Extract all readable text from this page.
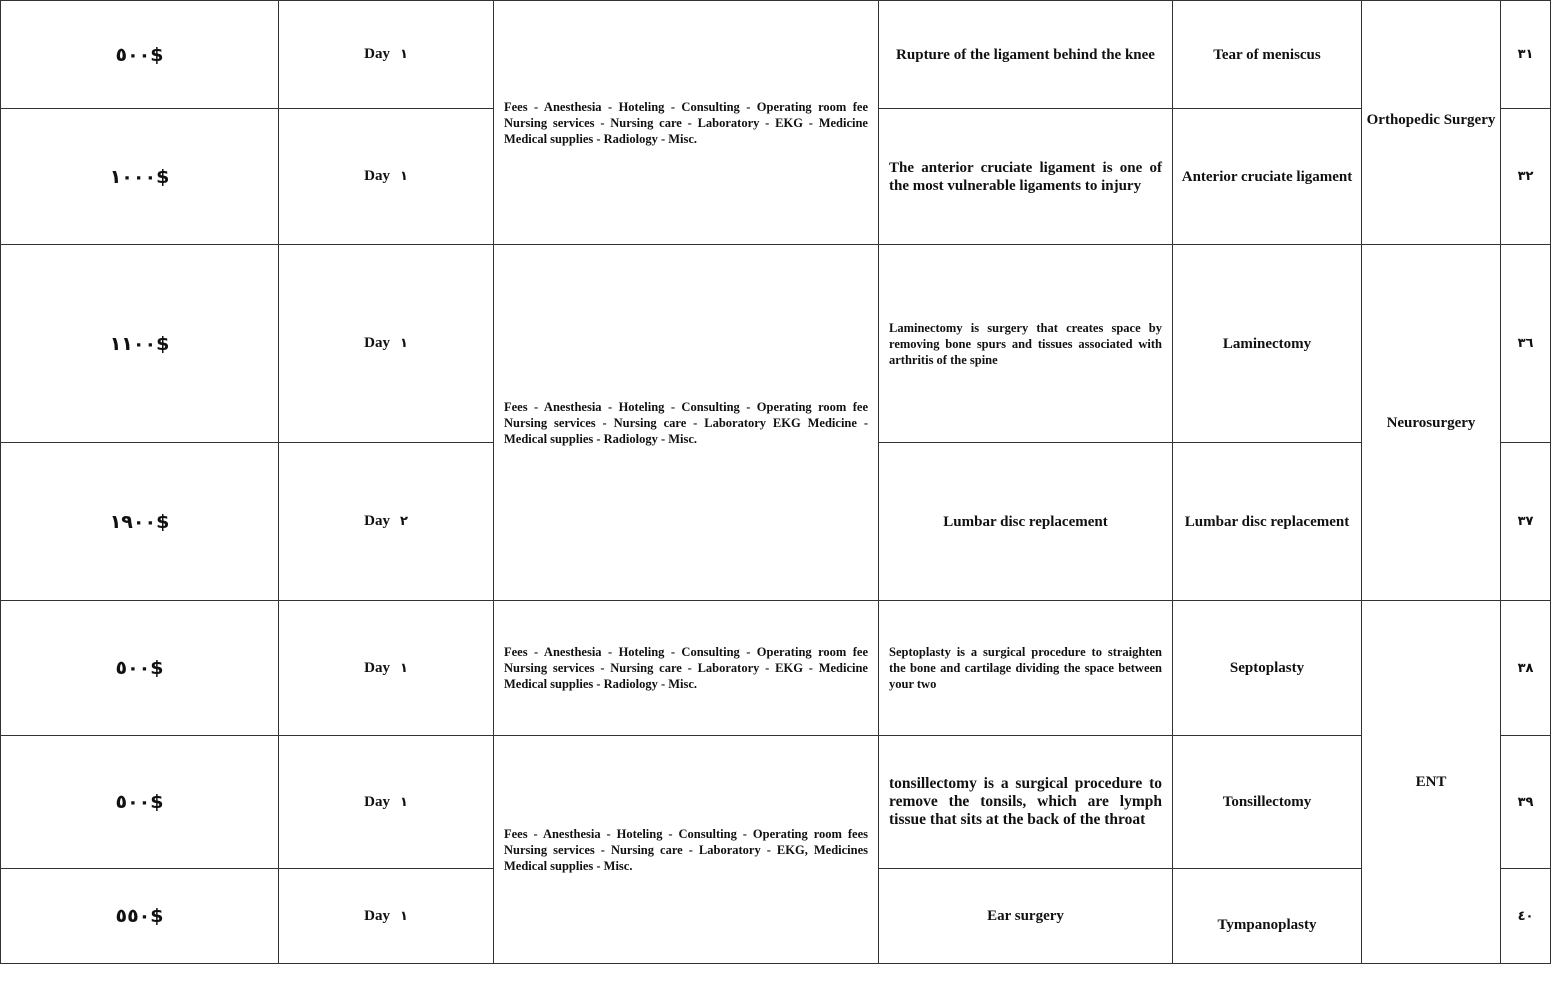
٥٠٠$	Day ١	Fees - Anesthesia - Hoteling - Consulting - Operating room fee Nursing services - Nursing care - Laboratory - EKG - Medicine Medical supplies - Radiology - Misc.	Rupture of the ligament behind the knee	Tear of meniscus	Orthopedic Surgery	٣١
١٠٠٠$	Day ١		The anterior cruciate ligament is one of the most vulnerable ligaments to injury	Anterior cruciate ligament		٣٢
١١٠٠$	Day ١	Fees - Anesthesia - Hoteling - Consulting - Operating room fee Nursing services - Nursing care - Laboratory EKG Medicine - Medical supplies - Radiology - Misc.	Laminectomy is surgery that creates space by removing bone spurs and tissues associated with arthritis of the spine	Laminectomy	Neurosurgery	٣٦
١٩٠٠$	Day ٢		Lumbar disc replacement	Lumbar disc replacement		٣٧
٥٠٠$	Day ١	Fees - Anesthesia - Hoteling - Consulting - Operating room fee Nursing services - Nursing care - Laboratory - EKG - Medicine Medical supplies - Radiology - Misc.	Septoplasty is a surgical procedure to straighten the bone and cartilage dividing the space between your two	Septoplasty	ENT	٣٨
٥٠٠$	Day ١	Fees - Anesthesia - Hoteling - Consulting - Operating room fees Nursing services - Nursing care - Laboratory - EKG, Medicines Medical supplies - Misc.	tonsillectomy is a surgical procedure to remove the tonsils, which are lymph tissue that sits at the back of the throat	Tonsillectomy		٣٩
٥٥٠$	Day ١		Ear surgery	Tympanoplasty		٤٠
